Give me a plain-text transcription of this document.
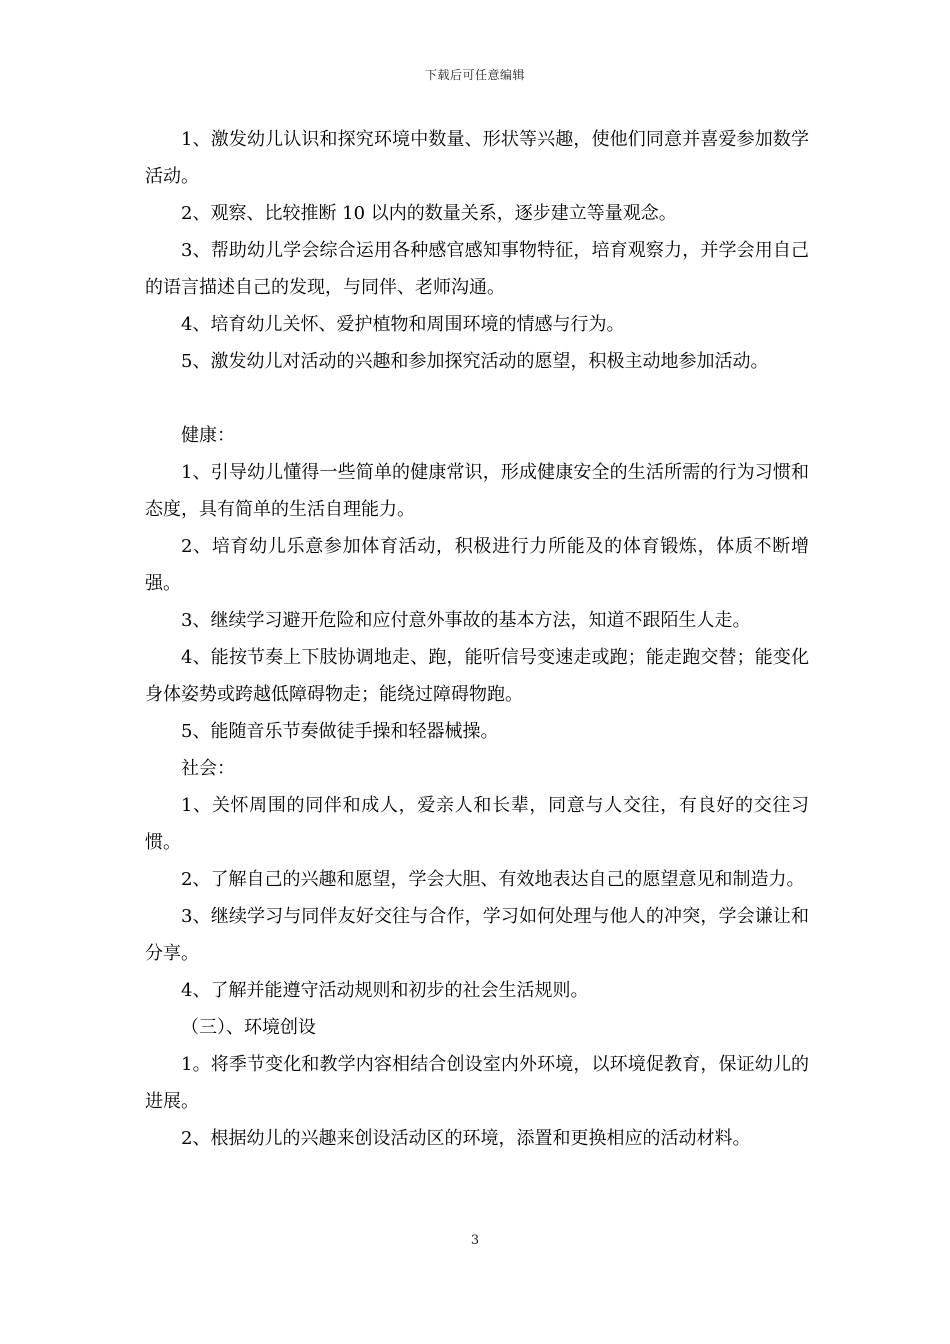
下载后可任意编辑

1、激发幼儿认识和探究环境中数量、形状等兴趣，使他们同意并喜爱参加数学活动。

2、观察、比较推断 10 以内的数量关系，逐步建立等量观念。

3、帮助幼儿学会综合运用各种感官感知事物特征，培育观察力，并学会用自己的语言描述自己的发现，与同伴、老师沟通。

4、培育幼儿关怀、爱护植物和周围环境的情感与行为。

5、激发幼儿对活动的兴趣和参加探究活动的愿望，积极主动地参加活动。

健康：

1、引导幼儿懂得一些简单的健康常识，形成健康安全的生活所需的行为习惯和态度，具有简单的生活自理能力。

2、培育幼儿乐意参加体育活动，积极进行力所能及的体育锻炼，体质不断增强。

3、继续学习避开危险和应付意外事故的基本方法，知道不跟陌生人走。

4、能按节奏上下肢协调地走、跑，能听信号变速走或跑；能走跑交替；能变化身体姿势或跨越低障碍物走；能绕过障碍物跑。

5、能随音乐节奏做徒手操和轻器械操。

社会：

1、关怀周围的同伴和成人，爱亲人和长辈，同意与人交往，有良好的交往习惯。

2、了解自己的兴趣和愿望，学会大胆、有效地表达自己的愿望意见和制造力。

3、继续学习与同伴友好交往与合作，学习如何处理与他人的冲突，学会谦让和分享。

4、了解并能遵守活动规则和初步的社会生活规则。

（三）、环境创设

1。将季节变化和教学内容相结合创设室内外环境，以环境促教育，保证幼儿的进展。

2、根据幼儿的兴趣来创设活动区的环境，添置和更换相应的活动材料。

3
